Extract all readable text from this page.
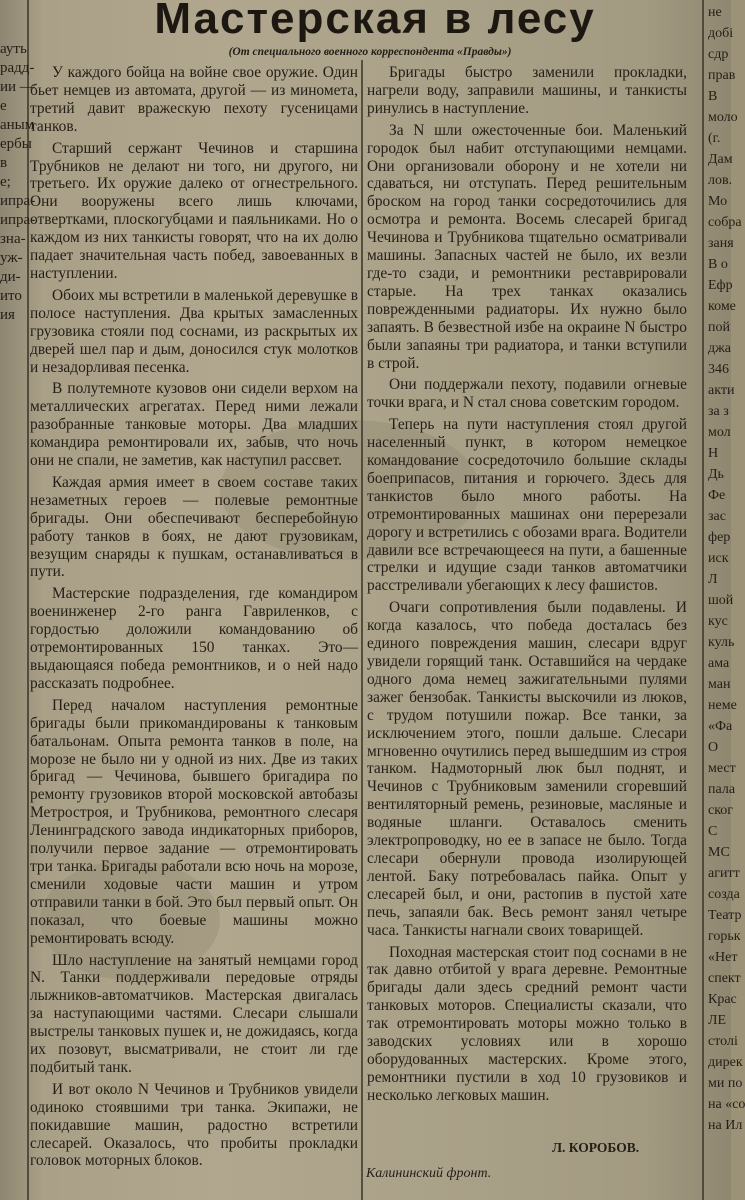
Мастерская в лесу
(От специального военного корреспондента «Правды»)

У каждого бойца на войне свое оружие. Один бьет немцев из автомата, другой — из миномета, третий давит вражескую пехоту гусеницами танков.

Старший сержант Чечинов и старшина Трубников не делают ни того, ни другого, ни третьего. Их оружие далеко от огнестрельного. Они вооружены всего лишь ключами, отвертками, плоскогубцами и паяльниками. Но о каждом из них танкисты говорят, что на их долю падает значительная часть побед, завоеванных в наступлении.

Обоих мы встретили в маленькой деревушке в полосе наступления. Два крытых замасленных грузовика стояли под соснами, из раскрытых их дверей шел пар и дым, доносился стук молотков и незадорливая песенка.

В полутемноте кузовов они сидели верхом на металлических агрегатах. Перед ними лежали разобранные танковые моторы. Два младших командира ремонтировали их, забыв, что ночь они не спали, не заметив, как наступил рассвет.

Каждая армия имеет в своем составе таких незаметных героев — полевые ремонтные бригады. Они обеспечивают бесперебойную работу танков в боях, не дают грузовикам, везущим снаряды к пушкам, останавливаться в пути.

Мастерские подразделения, где командиром военинженер 2-го ранга Гавриленков, с гордостью доложили командованию об отремонтированных 150 танках. Это—выдающаяся победа ремонтников, и о ней надо рассказать подробнее.

Перед началом наступления ремонтные бригады были прикомандированы к танковым батальонам. Опыта ремонта танков в поле, на морозе не было ни у одной из них. Две из таких бригад — Чечинова, бывшего бригадира по ремонту грузовиков второй московской автобазы Метростроя, и Трубникова, ремонтного слесаря Ленинградского завода индикаторных приборов, получили первое задание — отремонтировать три танка. Бригады работали всю ночь на морозе, сменили ходовые части машин и утром отправили танки в бой. Это был первый опыт. Он показал, что боевые машины можно ремонтировать всюду.

Шло наступление на занятый немцами город N. Танки поддерживали передовые отряды лыжников-автоматчиков. Мастерская двигалась за наступающими частями. Слесари слышали выстрелы танковых пушек и, не дожидаясь, когда их позовут, высматривали, не стоит ли где подбитый танк.

И вот около N Чечинов и Трубников увидели одиноко стоявшими три танка. Экипажи, не покидавшие машин, радостно встретили слесарей. Оказалось, что пробиты прокладки головок моторных блоков.

Бригады быстро заменили прокладки, нагрели воду, заправили машины, и танкисты ринулись в наступление.

За N шли ожесточенные бои. Маленький городок был набит отступающими немцами. Они организовали оборону и не хотели ни сдаваться, ни отступать. Перед решительным броском на город танки сосредоточились для осмотра и ремонта. Восемь слесарей бригад Чечинова и Трубникова тщательно осматривали машины. Запасных частей не было, их везли где-то сзади, и ремонтники реставрировали старые. На трех танках оказались поврежденными радиаторы. Их нужно было запаять. В безвестной избе на окраине N быстро были запаяны три радиатора, и танки вступили в строй.

Они поддержали пехоту, подавили огневые точки врага, и N стал снова советским городом.

Теперь на пути наступления стоял другой населенный пункт, в котором немецкое командование сосредоточило большие склады боеприпасов, питания и горючего. Здесь для танкистов было много работы. На отремонтированных машинах они перерезали дорогу и встретились с обозами врага. Водители давили все встречающееся на пути, а башенные стрелки и идущие сзади танков автоматчики расстреливали убегающих к лесу фашистов.

Очаги сопротивления были подавлены. И когда казалось, что победа досталась без единого повреждения машин, слесари вдруг увидели горящий танк. Оставшийся на чердаке одного дома немец зажигательными пулями зажег бензобак. Танкисты выскочили из люков, с трудом потушили пожар. Все танки, за исключением этого, пошли дальше. Слесари мгновенно очутились перед вышедшим из строя танком. Надмоторный люк был поднят, и Чечинов с Трубниковым заменили сгоревший вентиляторный ремень, резиновые, масляные и водяные шланги. Оставалось сменить электропроводку, но ее в запасе не было. Тогда слесари обернули провода изолирующей лентой. Баку потребовалась пайка. Опыт у слесарей был, и они, растопив в пустой хате печь, запаяли бак. Весь ремонт занял четыре часа. Танкисты нагнали своих товарищей.

Походная мастерская стоит под соснами в не так давно отбитой у врага деревне. Ремонтные бригады дали здесь средний ремонт части танковых моторов. Специалисты сказали, что так отремонтировать моторы можно только в заводских условиях или в хорошо оборудованных мастерских. Кроме этого, ремонтники пустили в ход 10 грузовиков и несколько легковых машин.

Л. КОРОБОВ.
Калининский фронт.
ауть
радд-
ии —
е
аным
ербы
в
е;
ипра-
ипра-
зна-
уж-
ди-
ито
ия
не
добі
сдр
прав
В
моло
(г.
Дам
лов.
Мо
собра
заня
В о
Ефр
коме
пой
джа
346
акти
за з
мол
Н
Дь
Фе
зас
фер
иск
Л
шой
кус
куль
ама
ман
неме
«Фа
О
мест
пала
ског
С
МС
агитт
созда
Театр
горьк
«Нет
спект
Крас
ЛЕ
столі
дирек
ми по
на «со
на Ил
